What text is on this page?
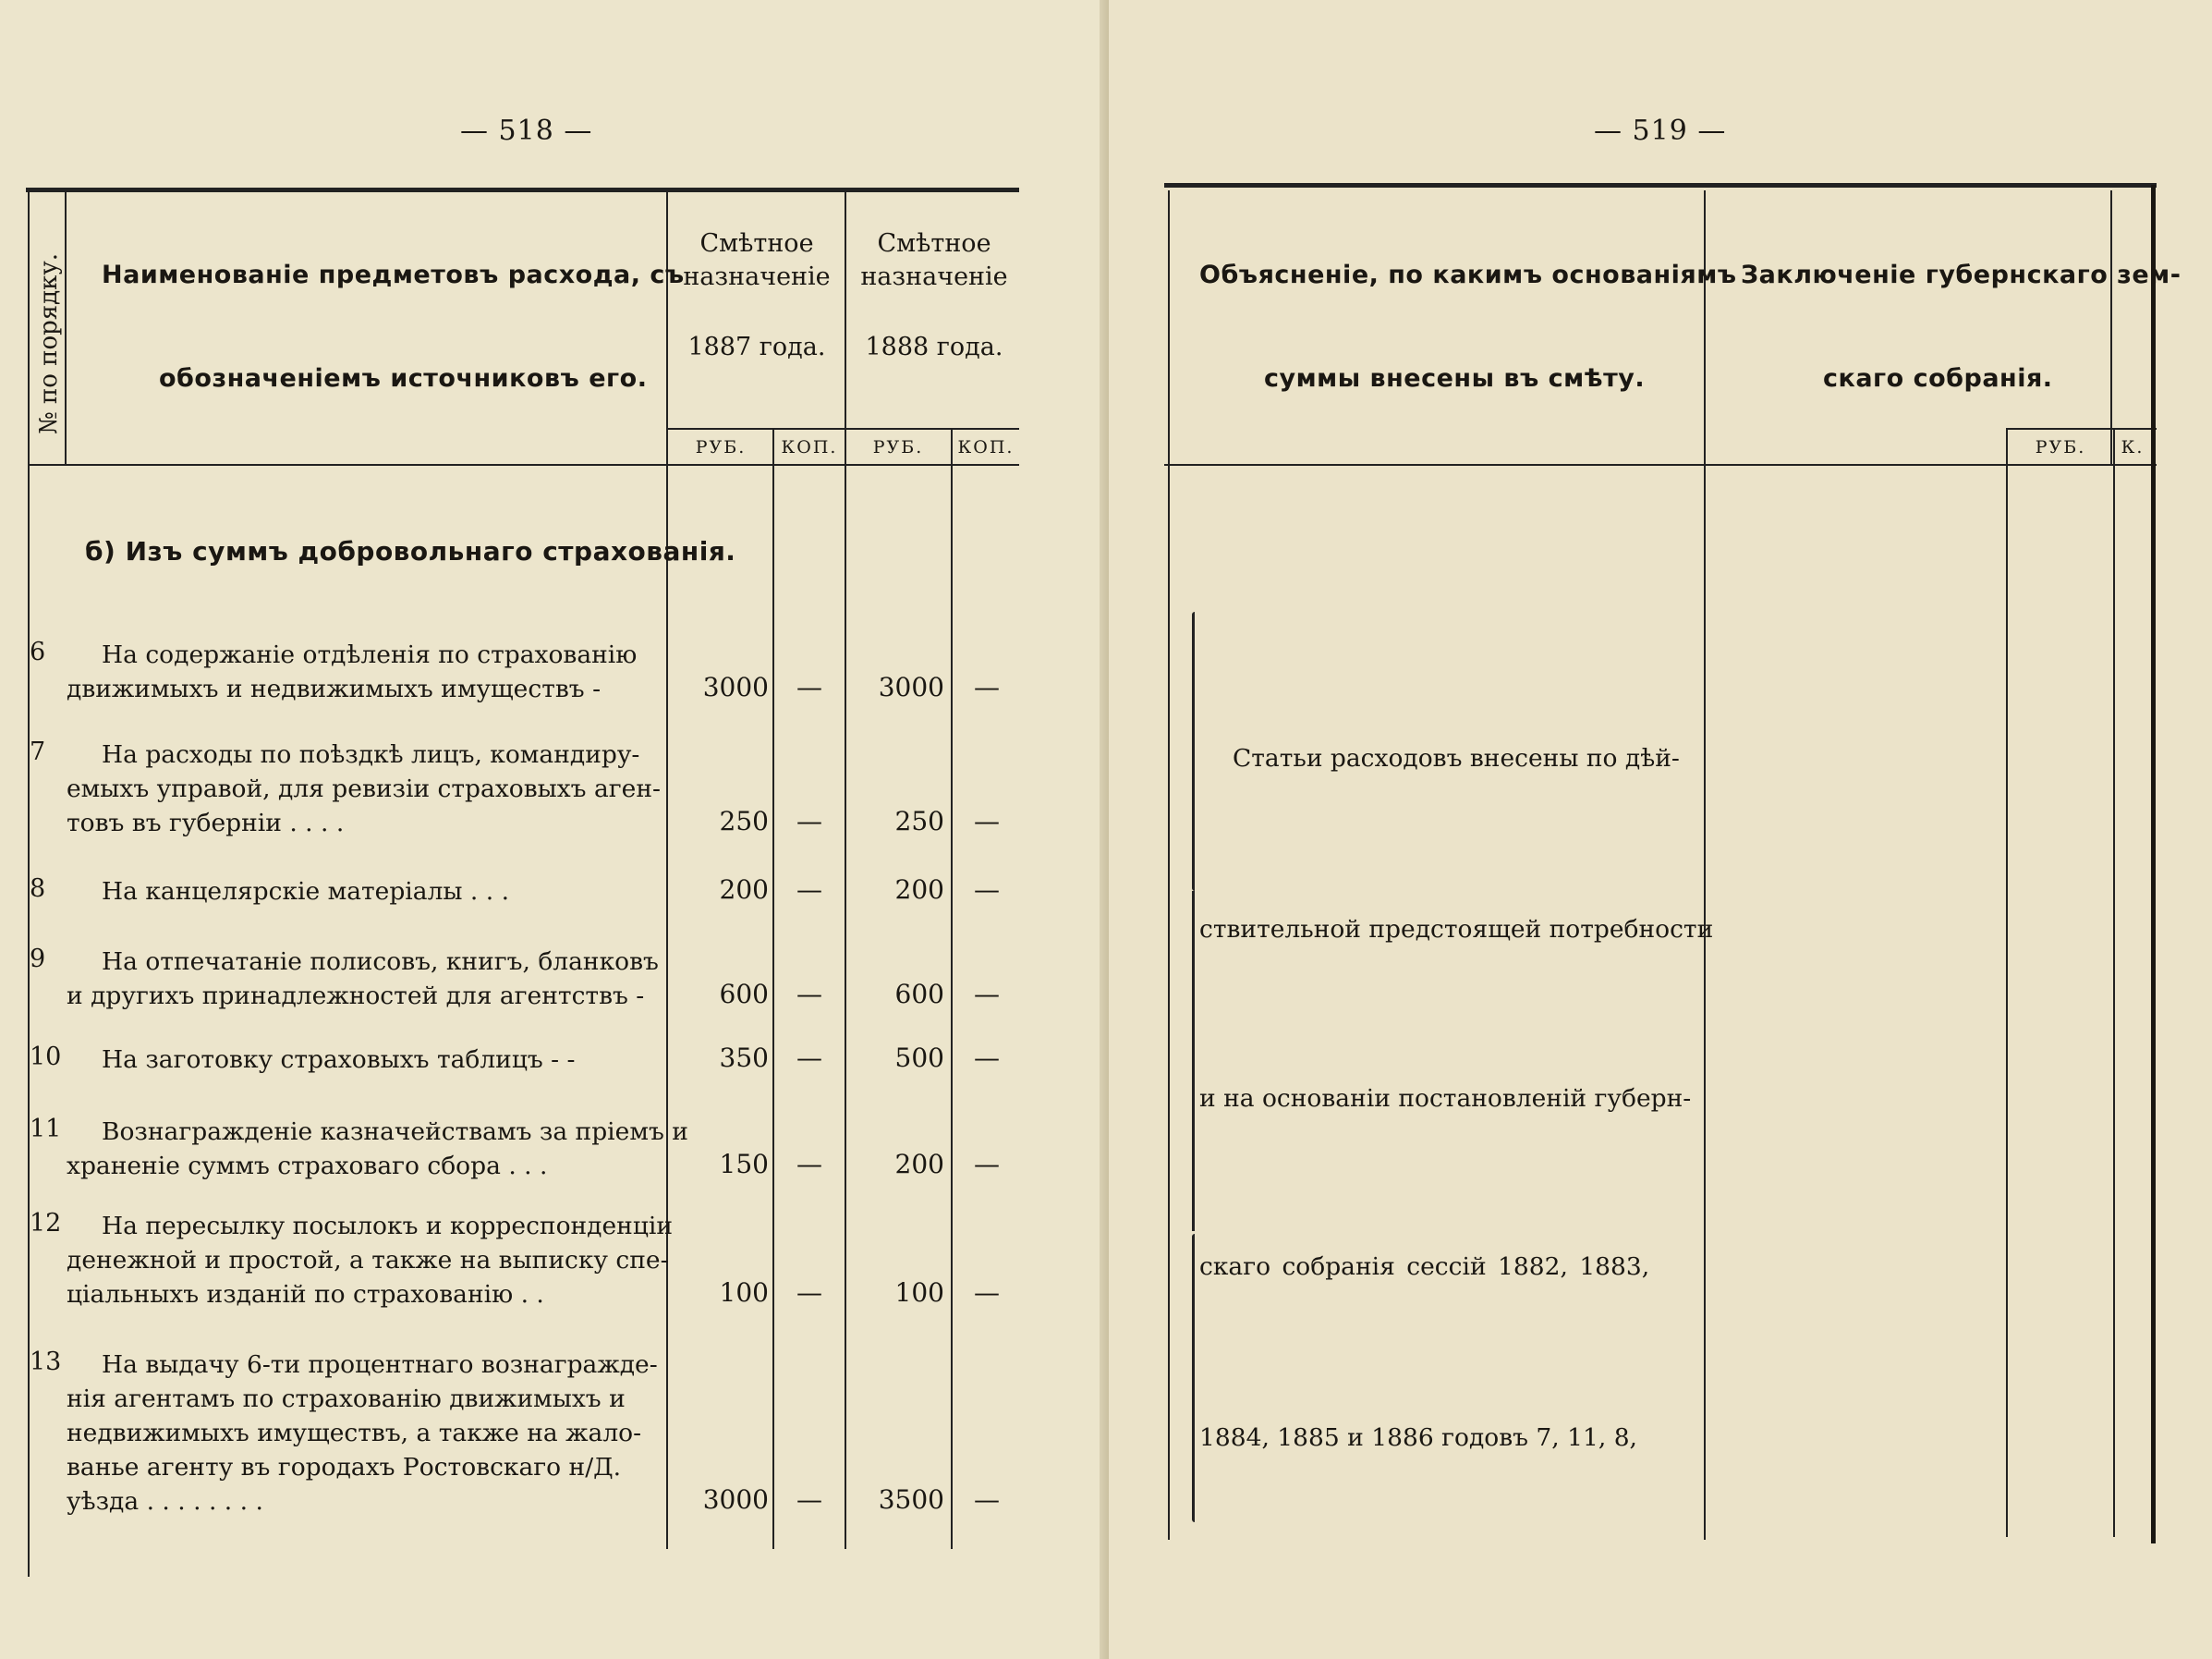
— 518 —
№ по порядку. Наименованіе предметовъ расхода, съ
обозначеніемъ источниковъ его.
Смѣтное
назначеніе
1887 года.
Смѣтное
назначеніе
1888 года.
РУБ.	КОП.	РУБ.	КОП.
б) Изъ суммъ добровольнаго страхованія.
6 На содержаніе отдѣленія по страхованію
движимыхъ и недвижимыхъ имуществъ -	3000	—	3000	—
7 На расходы по поѣздкѣ лицъ, командиру-
емыхъ управой, для ревизіи страховыхъ аген-
товъ въ губерніи . . . .	250	—	250	—
8 На канцелярскіе матеріалы . . .	200	—	200	—
9 На отпечатаніе полисовъ, книгъ, бланковъ
и другихъ принадлежностей для агентствъ -	600	—	600	—
10 На заготовку страховыхъ таблицъ - -	350	—	500	—
11 Вознагражденіе казначействамъ за пріемъ и
храненіе суммъ страховаго сбора . . .	150	—	200	—
12 На пересылку посылокъ и корреспонденціи
денежной и простой, а также на выписку спе-
ціальныхъ изданій по страхованію . .	100	—	100	—
13 На выдачу 6-ти процентнаго вознагражде-
нія агентамъ по страхованію движимыхъ и
недвижимыхъ имуществъ, а также на жало-
ванье агенту въ городахъ Ростовскаго н/Д.
уѣзда . . . . . . . .	3000	—	3500	—
— 519 —
Объясненіе, по какимъ основаніямъ
суммы внесены въ смѣту.
Заключеніе губернскаго зем-
скаго собранія.
РУБ.	К.
Статьи расходовъ внесены по дѣй-
ствительной предстоящей потребности
и на основаніи постановленій губерн-
скаго собранія сессій 1882, 1883,
1884, 1885 и 1886 годовъ 7, 11, 8,
